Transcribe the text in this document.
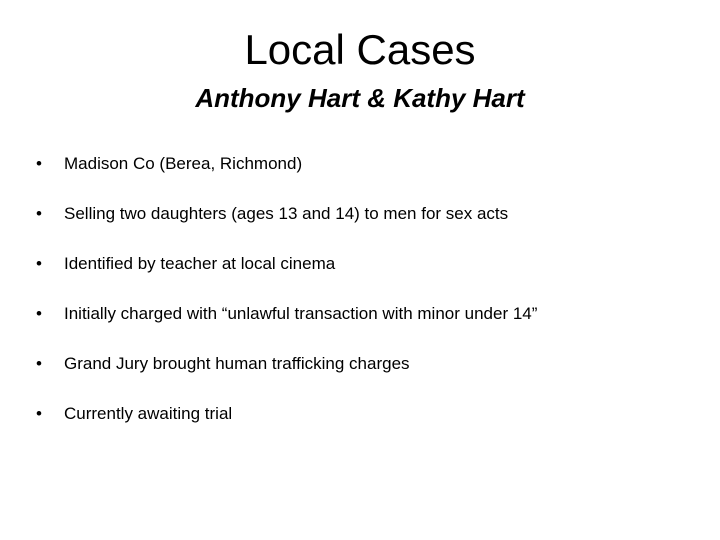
Local Cases
Anthony Hart & Kathy Hart
• Madison Co (Berea, Richmond)
• Selling two daughters (ages 13 and 14) to men for sex acts
• Identified by teacher at local cinema
• Initially charged with “unlawful transaction with minor under 14”
• Grand Jury brought human trafficking charges
• Currently awaiting trial
